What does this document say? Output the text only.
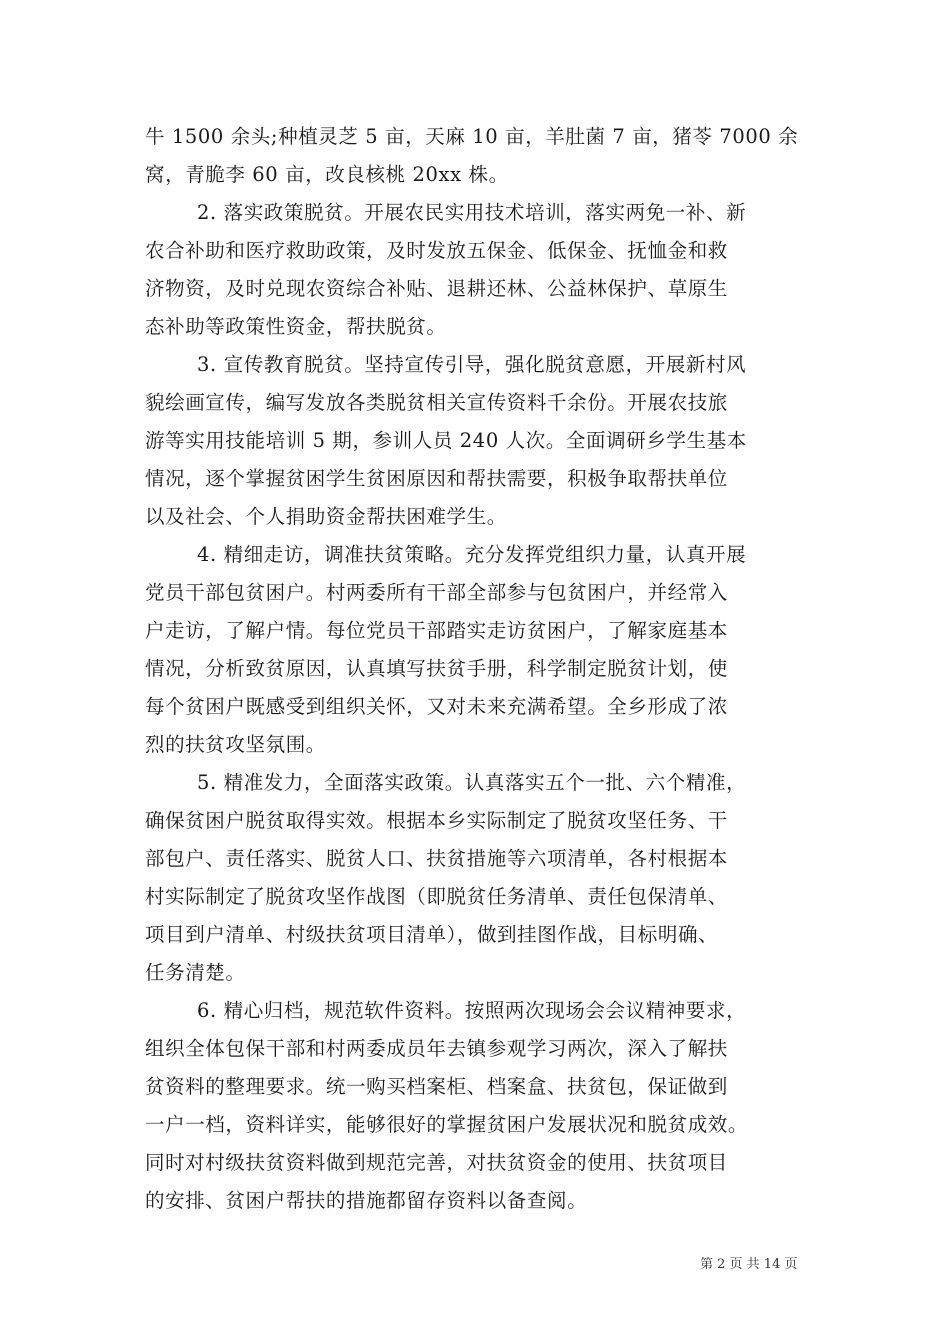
牛 1500 余头;种植灵芝 5 亩，天麻 10 亩，羊肚菌 7 亩，猪苓 7000 余
窝，青脆李 60 亩，改良核桃 20xx 株。
2. 落实政策脱贫。开展农民实用技术培训，落实两免一补、新
农合补助和医疗救助政策，及时发放五保金、低保金、抚恤金和救
济物资，及时兑现农资综合补贴、退耕还林、公益林保护、草原生
态补助等政策性资金，帮扶脱贫。
3. 宣传教育脱贫。坚持宣传引导，强化脱贫意愿，开展新村风
貌绘画宣传，编写发放各类脱贫相关宣传资料千余份。开展农技旅
游等实用技能培训 5 期，参训人员 240 人次。全面调研乡学生基本
情况，逐个掌握贫困学生贫困原因和帮扶需要，积极争取帮扶单位
以及社会、个人捐助资金帮扶困难学生。
4. 精细走访，调准扶贫策略。充分发挥党组织力量，认真开展
党员干部包贫困户。村两委所有干部全部参与包贫困户，并经常入
户走访，了解户情。每位党员干部踏实走访贫困户，了解家庭基本
情况，分析致贫原因，认真填写扶贫手册，科学制定脱贫计划，使
每个贫困户既感受到组织关怀，又对未来充满希望。全乡形成了浓
烈的扶贫攻坚氛围。
5. 精准发力，全面落实政策。认真落实五个一批、六个精准，
确保贫困户脱贫取得实效。根据本乡实际制定了脱贫攻坚任务、干
部包户、责任落实、脱贫人口、扶贫措施等六项清单，各村根据本
村实际制定了脱贫攻坚作战图（即脱贫任务清单、责任包保清单、
项目到户清单、村级扶贫项目清单），做到挂图作战，目标明确、
任务清楚。
6. 精心归档，规范软件资料。按照两次现场会会议精神要求，
组织全体包保干部和村两委成员年去镇参观学习两次，深入了解扶
贫资料的整理要求。统一购买档案柜、档案盒、扶贫包，保证做到
一户一档，资料详实，能够很好的掌握贫困户发展状况和脱贫成效。
同时对村级扶贫资料做到规范完善，对扶贫资金的使用、扶贫项目
的安排、贫困户帮扶的措施都留存资料以备查阅。
第 2 页 共 14 页
